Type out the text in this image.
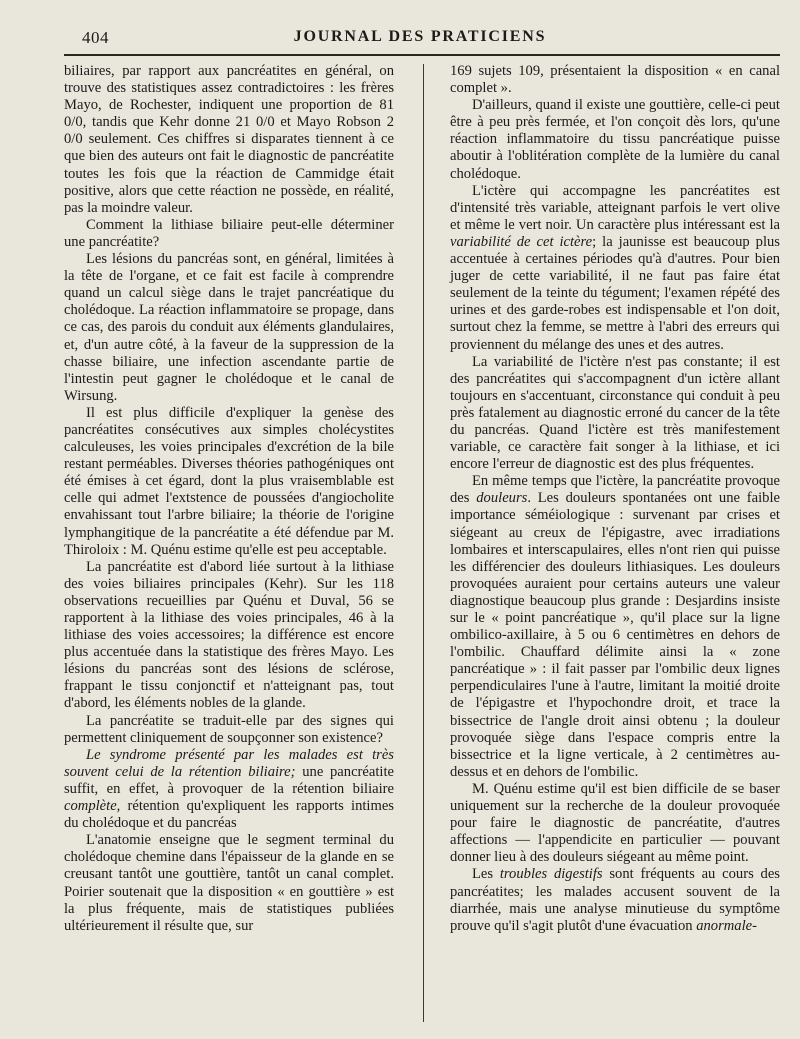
404	JOURNAL DES PRATICIENS

biliaires, par rapport aux pancréatites en général, on trouve des statistiques assez contradictoires : les frères Mayo, de Rochester, indiquent une proportion de 81 0/0, tandis que Kehr donne 21 0/0 et Mayo Robson 2 0/0 seulement. Ces chiffres si disparates tiennent à ce que bien des auteurs ont fait le diagnostic de pancréatite toutes les fois que la réaction de Cammidge était positive, alors que cette réaction ne possède, en réalité, pas la moindre valeur.

Comment la lithiase biliaire peut-elle déterminer une pancréatite?

Les lésions du pancréas sont, en général, limitées à la tête de l'organe, et ce fait est facile à comprendre quand un calcul siège dans le trajet pancréatique du cholédoque. La réaction inflammatoire se propage, dans ce cas, des parois du conduit aux éléments glandulaires, et, d'un autre côté, à la faveur de la suppression de la chasse biliaire, une infection ascendante partie de l'intestin peut gagner le cholédoque et le canal de Wirsung.

Il est plus difficile d'expliquer la genèse des pancréatites consécutives aux simples cholécystites calculeuses, les voies principales d'excrétion de la bile restant perméables. Diverses théories pathogéniques ont été émises à cet égard, dont la plus vraisemblable est celle qui admet l'extstence de poussées d'angiocholite envahissant tout l'arbre biliaire; la théorie de l'origine lymphangitique de la pancréatite a été défendue par M. Thiroloix : M. Quénu estime qu'elle est peu acceptable.

La pancréatite est d'abord liée surtout à la lithiase des voies biliaires principales (Kehr). Sur les 118 observations recueillies par Quénu et Duval, 56 se rapportent à la lithiase des voies principales, 46 à la lithiase des voies accessoires; la différence est encore plus accentuée dans la statistique des frères Mayo. Les lésions du pancréas sont des lésions de sclérose, frappant le tissu conjonctif et n'atteignant pas, tout d'abord, les éléments nobles de la glande.

La pancréatite se traduit-elle par des signes qui permettent cliniquement de soupçonner son existence?

Le syndrome présenté par les malades est très souvent celui de la rétention biliaire; une pancréatite suffit, en effet, à provoquer de la rétention biliaire complète, rétention qu'expliquent les rapports intimes du cholédoque et du pancréas

L'anatomie enseigne que le segment terminal du cholédoque chemine dans l'épaisseur de la glande en se creusant tantôt une gouttière, tantôt un canal complet. Poirier soutenait que la disposition « en gouttière » est la plus fréquente, mais de statistiques publiées ultérieurement il résulte que, sur

169 sujets 109, présentaient la disposition « en canal complet ».

D'ailleurs, quand il existe une gouttière, celle-ci peut être à peu près fermée, et l'on conçoit dès lors, qu'une réaction inflammatoire du tissu pancréatique puisse aboutir à l'oblitération complète de la lumière du canal cholédoque.

L'ictère qui accompagne les pancréatites est d'intensité très variable, atteignant parfois le vert olive et même le vert noir. Un caractère plus intéressant est la variabilité de cet ictère; la jaunisse est beaucoup plus accentuée à certaines périodes qu'à d'autres. Pour bien juger de cette variabilité, il ne faut pas faire état seulement de la teinte du tégument; l'examen répété des urines et des garde-robes est indispensable et l'on doit, surtout chez la femme, se mettre à l'abri des erreurs qui proviennent du mélange des unes et des autres.

La variabilité de l'ictère n'est pas constante; il est des pancréatites qui s'accompagnent d'un ictère allant toujours en s'accentuant, circonstance qui conduit à peu près fatalement au diagnostic erroné du cancer de la tête du pancréas. Quand l'ictère est très manifestement variable, ce caractère fait songer à la lithiase, et ici encore l'erreur de diagnostic est des plus fréquentes.

En même temps que l'ictère, la pancréatite provoque des douleurs. Les douleurs spontanées ont une faible importance séméiologique : survenant par crises et siégeant au creux de l'épigastre, avec irradiations lombaires et interscapulaires, elles n'ont rien qui puisse les différencier des douleurs lithiasiques. Les douleurs provoquées auraient pour certains auteurs une valeur diagnostique beaucoup plus grande : Desjardins insiste sur le « point pancréatique », qu'il place sur la ligne ombilico-axillaire, à 5 ou 6 centimètres en dehors de l'ombilic. Chauffard délimite ainsi la « zone pancréatique » : il fait passer par l'ombilic deux lignes perpendiculaires l'une à l'autre, limitant la moitié droite de l'épigastre et l'hypochondre droit, et trace la bissectrice de l'angle droit ainsi obtenu ; la douleur provoquée siège dans l'espace compris entre la bissectrice et la ligne verticale, à 2 centimètres au-dessus et en dehors de l'ombilic.

M. Quénu estime qu'il est bien difficile de se baser uniquement sur la recherche de la douleur provoquée pour faire le diagnostic de pancréatite, d'autres affections — l'appendicite en particulier — pouvant donner lieu à des douleurs siégeant au même point.

Les troubles digestifs sont fréquents au cours des pancréatites; les malades accusent souvent de la diarrhée, mais une analyse minutieuse du symptôme prouve qu'il s'agit plutôt d'une évacuation anormale-
